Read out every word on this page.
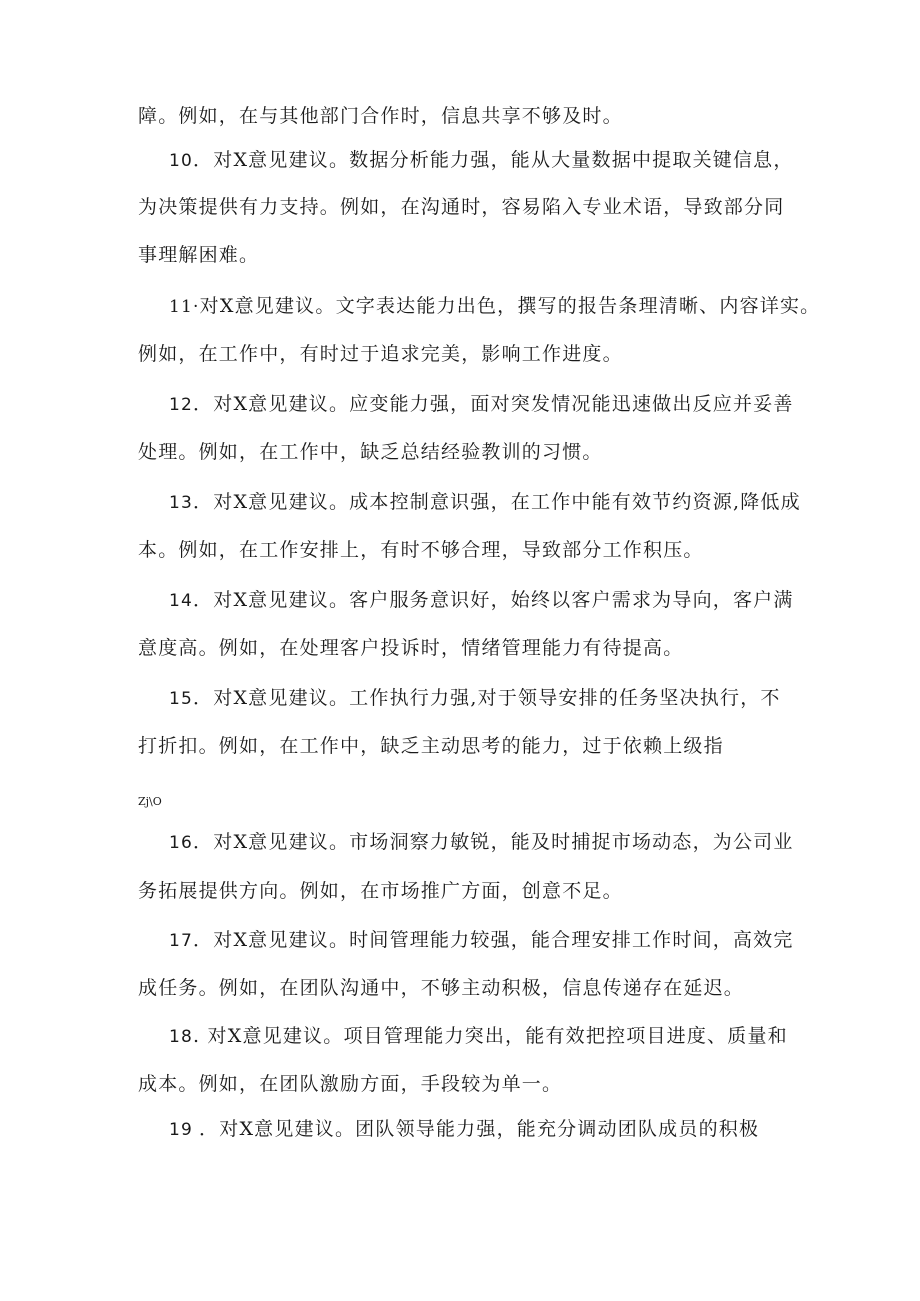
障。例如，在与其他部门合作时，信息共享不够及时。
10．对X意见建议。数据分析能力强，能从大量数据中提取关键信息，
为决策提供有力支持。例如，在沟通时，容易陷入专业术语，导致部分同
事理解困难。
11·对X意见建议。文字表达能力出色，撰写的报告条理清晰、内容详实。
例如，在工作中，有时过于追求完美，影响工作进度。
12．对X意见建议。应变能力强，面对突发情况能迅速做出反应并妥善
处理。例如，在工作中，缺乏总结经验教训的习惯。
13．对X意见建议。成本控制意识强，在工作中能有效节约资源,降低成
本。例如，在工作安排上，有时不够合理，导致部分工作积压。
14．对X意见建议。客户服务意识好，始终以客户需求为导向，客户满
意度高。例如，在处理客户投诉时，情绪管理能力有待提高。
15．对X意见建议。工作执行力强,对于领导安排的任务坚决执行，不
打折扣。例如，在工作中，缺乏主动思考的能力，过于依赖上级指
Zj\O
16．对X意见建议。市场洞察力敏锐，能及时捕捉市场动态，为公司业
务拓展提供方向。例如，在市场推广方面，创意不足。
17．对X意见建议。时间管理能力较强，能合理安排工作时间，高效完
成任务。例如，在团队沟通中，不够主动积极，信息传递存在延迟。
18. 对X意见建议。项目管理能力突出，能有效把控项目进度、质量和
成本。例如，在团队激励方面，手段较为单一。
19 ．对X意见建议。团队领导能力强，能充分调动团队成员的积极
